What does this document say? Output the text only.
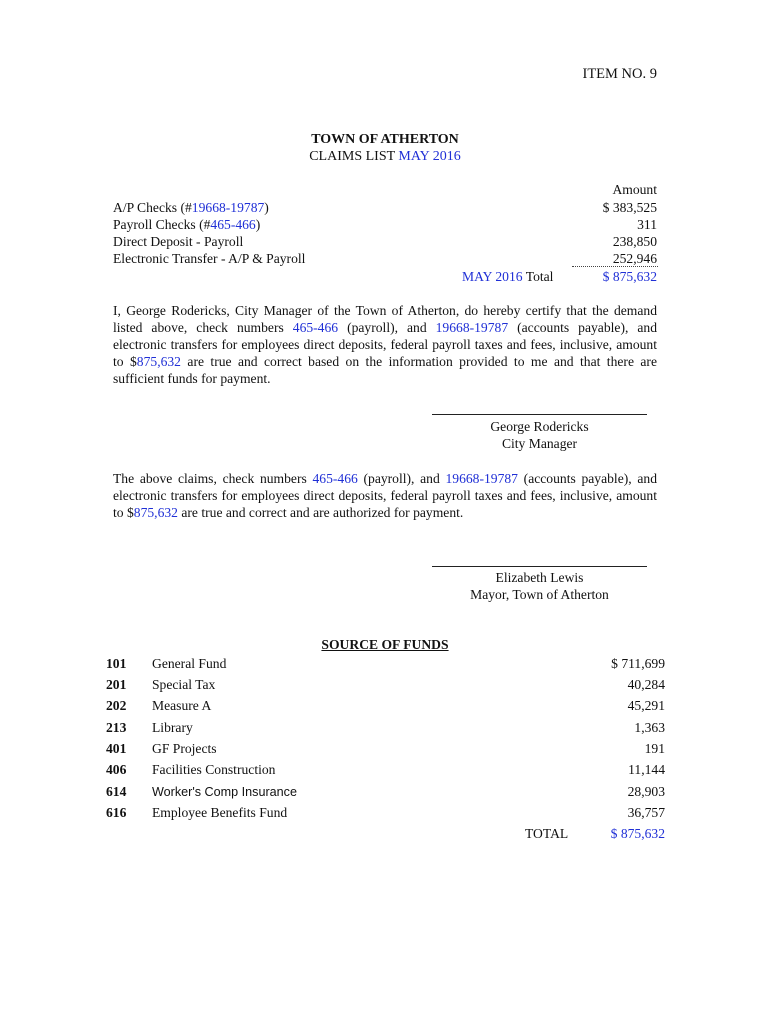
ITEM NO. 9
TOWN OF ATHERTON
CLAIMS LIST MAY 2016
Amount
A/P Checks (#19668-19787)	$ 383,525
Payroll Checks (#465-466)	311
Direct Deposit - Payroll	238,850
Electronic Transfer - A/P & Payroll	252,946
MAY 2016 Total	$ 875,632
I, George Rodericks, City Manager of the Town of Atherton, do hereby certify that the demand listed above, check numbers 465-466 (payroll), and 19668-19787 (accounts payable), and electronic transfers for employees direct deposits, federal payroll taxes and fees, inclusive, amount to $875,632 are true and correct based on the information provided to me and that there are sufficient funds for payment.
George Rodericks
City Manager
The above claims, check numbers 465-466 (payroll), and 19668-19787 (accounts payable), and electronic transfers for employees direct deposits, federal payroll taxes and fees, inclusive, amount to $875,632 are true and correct and are authorized for payment.
Elizabeth Lewis
Mayor, Town of Atherton
SOURCE OF FUNDS
101 General Fund	$ 711,699
201 Special Tax	40,284
202 Measure A	45,291
213 Library	1,363
401 GF Projects	191
406 Facilities Construction	11,144
614 Worker's Comp Insurance	28,903
616 Employee Benefits Fund	36,757
TOTAL	$ 875,632
